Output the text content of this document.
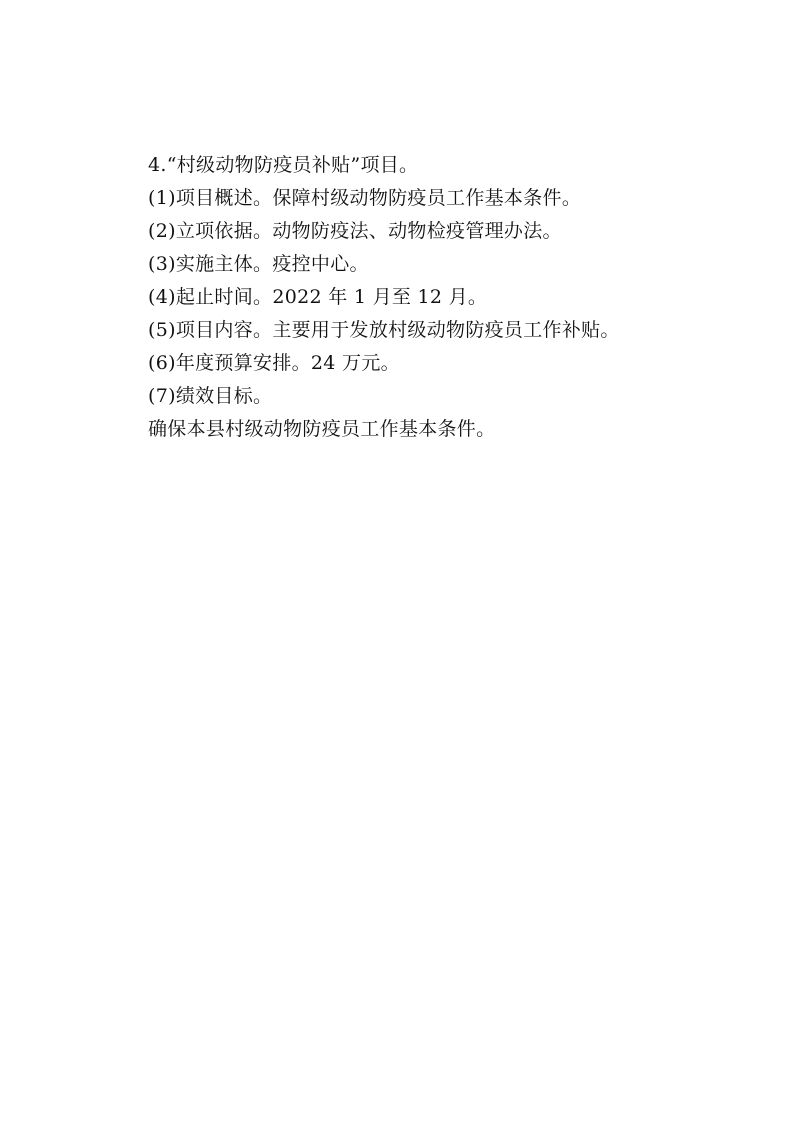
4.“村级动物防疫员补贴”项目。
(1)项目概述。保障村级动物防疫员工作基本条件。
(2)立项依据。动物防疫法、动物检疫管理办法。
(3)实施主体。疫控中心。
(4)起止时间。2022 年 1 月至 12 月。
(5)项目内容。主要用于发放村级动物防疫员工作补贴。
(6)年度预算安排。24 万元。
(7)绩效目标。
确保本县村级动物防疫员工作基本条件。
